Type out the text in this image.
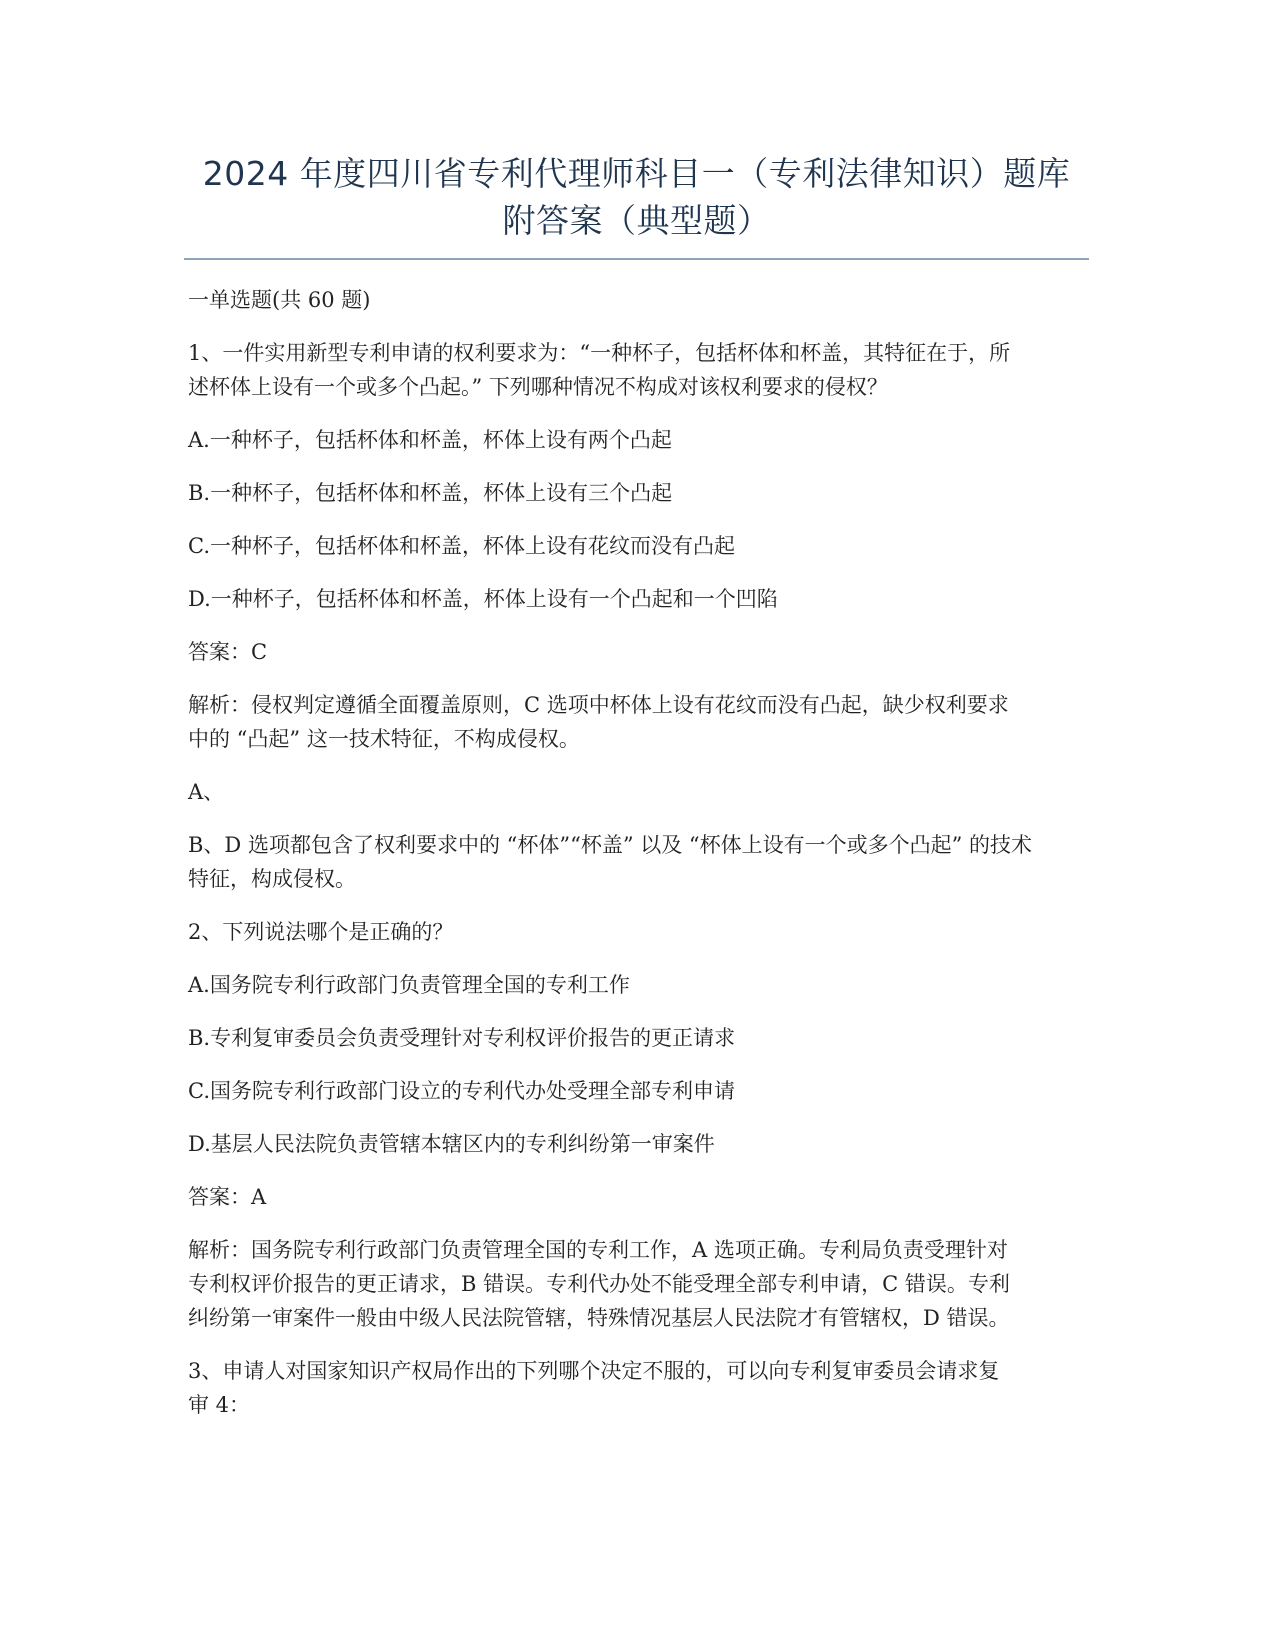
2024 年度四川省专利代理师科目一（专利法律知识）题库
附答案（典型题）
一单选题(共 60 题)
1、一件实用新型专利申请的权利要求为：“一种杯子，包括杯体和杯盖，其特征在于，所
述杯体上设有一个或多个凸起。” 下列哪种情况不构成对该权利要求的侵权？
A.一种杯子，包括杯体和杯盖，杯体上设有两个凸起
B.一种杯子，包括杯体和杯盖，杯体上设有三个凸起
C.一种杯子，包括杯体和杯盖，杯体上设有花纹而没有凸起
D.一种杯子，包括杯体和杯盖，杯体上设有一个凸起和一个凹陷
答案：C
解析：侵权判定遵循全面覆盖原则，C 选项中杯体上设有花纹而没有凸起，缺少权利要求
中的 “凸起” 这一技术特征，不构成侵权。
A、
B、D 选项都包含了权利要求中的 “杯体”“杯盖” 以及 “杯体上设有一个或多个凸起” 的技术
特征，构成侵权。
2、下列说法哪个是正确的？
A.国务院专利行政部门负责管理全国的专利工作
B.专利复审委员会负责受理针对专利权评价报告的更正请求
C.国务院专利行政部门设立的专利代办处受理全部专利申请
D.基层人民法院负责管辖本辖区内的专利纠纷第一审案件
答案：A
解析：国务院专利行政部门负责管理全国的专利工作，A 选项正确。专利局负责受理针对
专利权评价报告的更正请求，B 错误。专利代办处不能受理全部专利申请，C 错误。专利
纠纷第一审案件一般由中级人民法院管辖，特殊情况基层人民法院才有管辖权，D 错误。
3、申请人对国家知识产权局作出的下列哪个决定不服的，可以向专利复审委员会请求复
审 4：
